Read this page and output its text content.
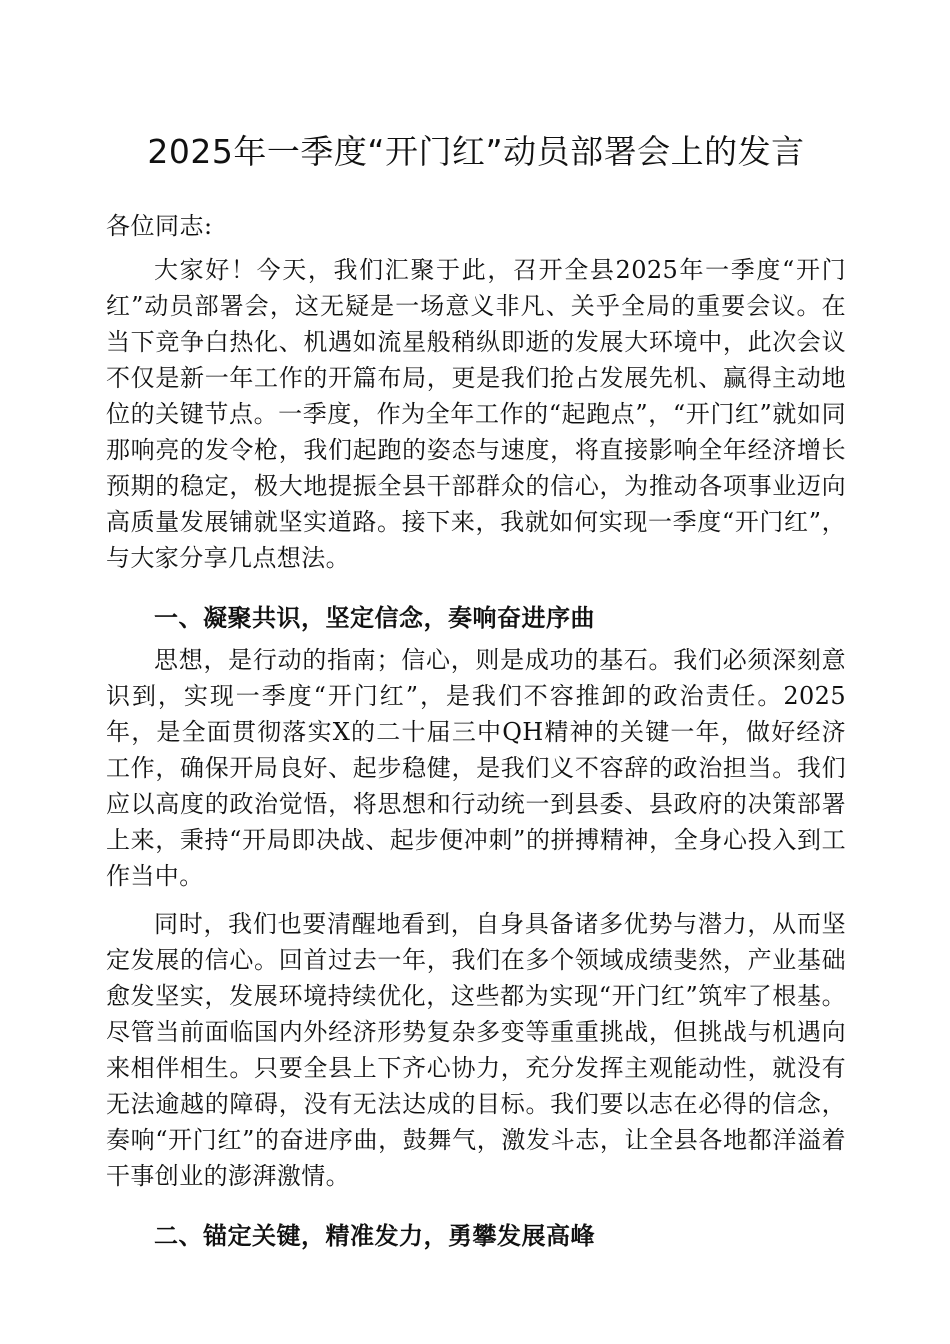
2025年一季度“开门红”动员部署会上的发言

各位同志:

大家好！今天，我们汇聚于此，召开全县2025年一季度“开门红”动员部署会，这无疑是一场意义非凡、关乎全局的重要会议。在当下竞争白热化、机遇如流星般稍纵即逝的发展大环境中，此次会议不仅是新一年工作的开篇布局，更是我们抢占发展先机、赢得主动地位的关键节点。一季度，作为全年工作的“起跑点”，“开门红”就如同那响亮的发令枪，我们起跑的姿态与速度，将直接影响全年经济增长预期的稳定，极大地提振全县干部群众的信心，为推动各项事业迈向高质量发展铺就坚实道路。接下来，我就如何实现一季度“开门红”，与大家分享几点想法。

一、凝聚共识，坚定信念，奏响奋进序曲

思想，是行动的指南；信心，则是成功的基石。我们必须深刻意识到，实现一季度“开门红”，是我们不容推卸的政治责任。2025年，是全面贯彻落实X的二十届三中QH精神的关键一年，做好经济工作，确保开局良好、起步稳健，是我们义不容辞的政治担当。我们应以高度的政治觉悟，将思想和行动统一到县委、县政府的决策部署上来，秉持“开局即决战、起步便冲刺”的拼搏精神，全身心投入到工作当中。

同时，我们也要清醒地看到，自身具备诸多优势与潜力，从而坚定发展的信心。回首过去一年，我们在多个领域成绩斐然，产业基础愈发坚实，发展环境持续优化，这些都为实现“开门红”筑牢了根基。尽管当前面临国内外经济形势复杂多变等重重挑战，但挑战与机遇向来相伴相生。只要全县上下齐心协力，充分发挥主观能动性，就没有无法逾越的障碍，没有无法达成的目标。我们要以志在必得的信念，奏响“开门红”的奋进序曲，鼓舞气，激发斗志，让全县各地都洋溢着干事创业的澎湃激情。

二、锚定关键，精准发力，勇攀发展高峰
